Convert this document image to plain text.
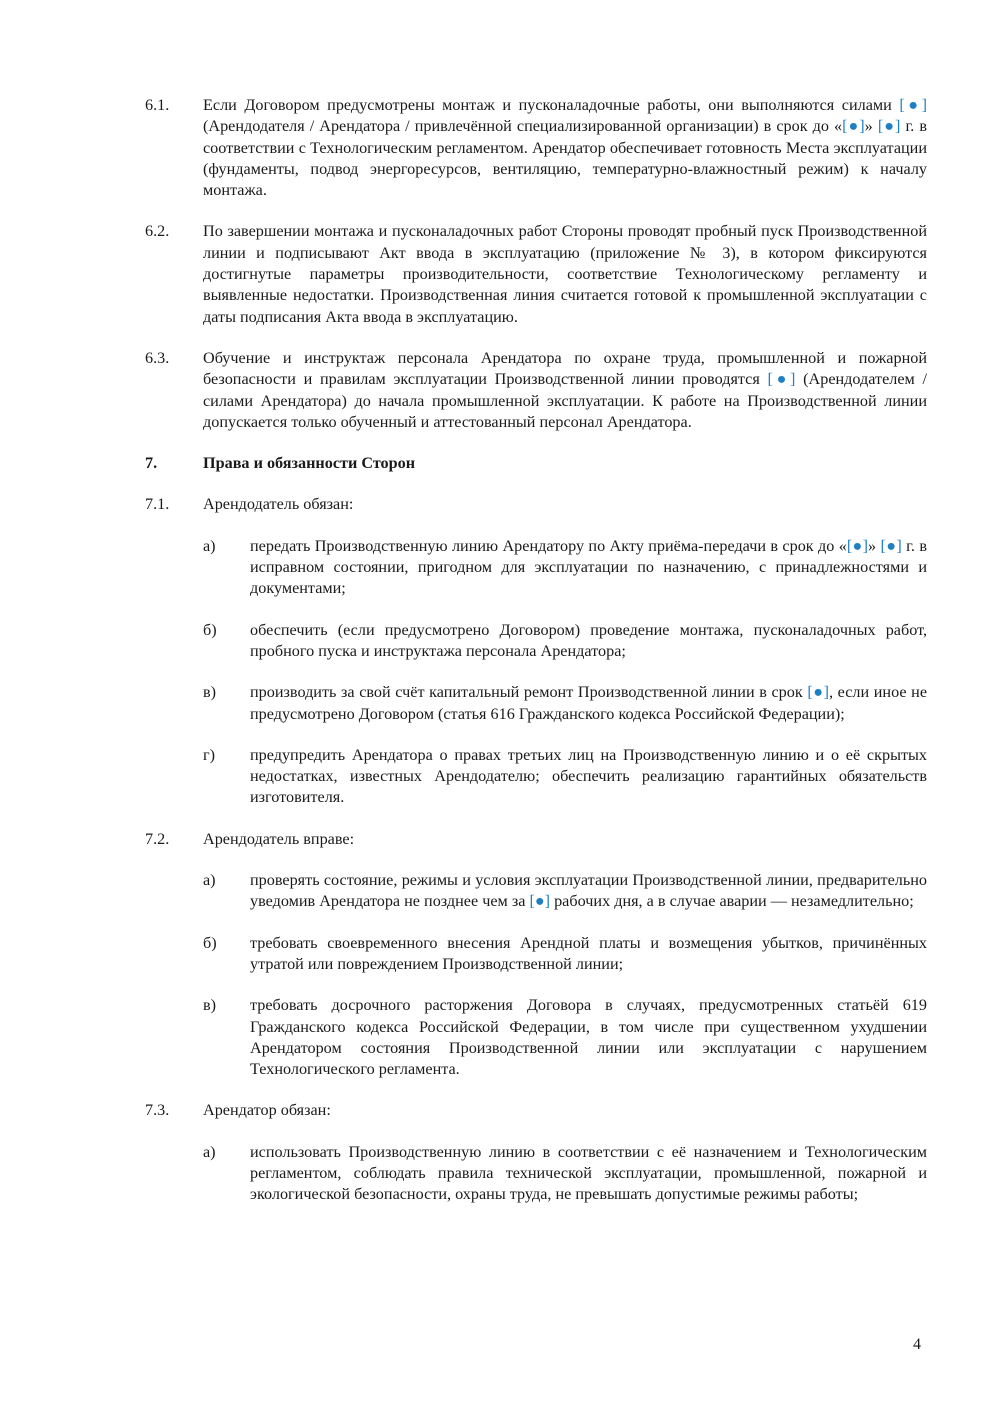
6.1.	Если Договором предусмотрены монтаж и пусконаладочные работы, они выполняются силами [●] (Арендодателя / Арендатора / привлечённой специализированной организации) в срок до «[●]» [●] г. в соответствии с Технологическим регламентом. Арендатор обеспечивает готовность Места эксплуатации (фундаменты, подвод энергоресурсов, вентиляцию, температурно-влажностный режим) к началу монтажа.
6.2.	По завершении монтажа и пусконаладочных работ Стороны проводят пробный пуск Производственной линии и подписывают Акт ввода в эксплуатацию (приложение № 3), в котором фиксируются достигнутые параметры производительности, соответствие Технологическому регламенту и выявленные недостатки. Производственная линия считается готовой к промышленной эксплуатации с даты подписания Акта ввода в эксплуатацию.
6.3.	Обучение и инструктаж персонала Арендатора по охране труда, промышленной и пожарной безопасности и правилам эксплуатации Производственной линии проводятся [●] (Арендодателем / силами Арендатора) до начала промышленной эксплуатации. К работе на Производственной линии допускается только обученный и аттестованный персонал Арендатора.
7.	Права и обязанности Сторон
7.1.	Арендодатель обязан:
а)	передать Производственную линию Арендатору по Акту приёма-передачи в срок до «[●]» [●] г. в исправном состоянии, пригодном для эксплуатации по назначению, с принадлежностями и документами;
б)	обеспечить (если предусмотрено Договором) проведение монтажа, пусконаладочных работ, пробного пуска и инструктажа персонала Арендатора;
в)	производить за свой счёт капитальный ремонт Производственной линии в срок [●], если иное не предусмотрено Договором (статья 616 Гражданского кодекса Российской Федерации);
г)	предупредить Арендатора о правах третьих лиц на Производственную линию и о её скрытых недостатках, известных Арендодателю; обеспечить реализацию гарантийных обязательств изготовителя.
7.2.	Арендодатель вправе:
а)	проверять состояние, режимы и условия эксплуатации Производственной линии, предварительно уведомив Арендатора не позднее чем за [●] рабочих дня, а в случае аварии — незамедлительно;
б)	требовать своевременного внесения Арендной платы и возмещения убытков, причинённых утратой или повреждением Производственной линии;
в)	требовать досрочного расторжения Договора в случаях, предусмотренных статьёй 619 Гражданского кодекса Российской Федерации, в том числе при существенном ухудшении Арендатором состояния Производственной линии или эксплуатации с нарушением Технологического регламента.
7.3.	Арендатор обязан:
а)	использовать Производственную линию в соответствии с её назначением и Технологическим регламентом, соблюдать правила технической эксплуатации, промышленной, пожарной и экологической безопасности, охраны труда, не превышать допустимые режимы работы;
4
